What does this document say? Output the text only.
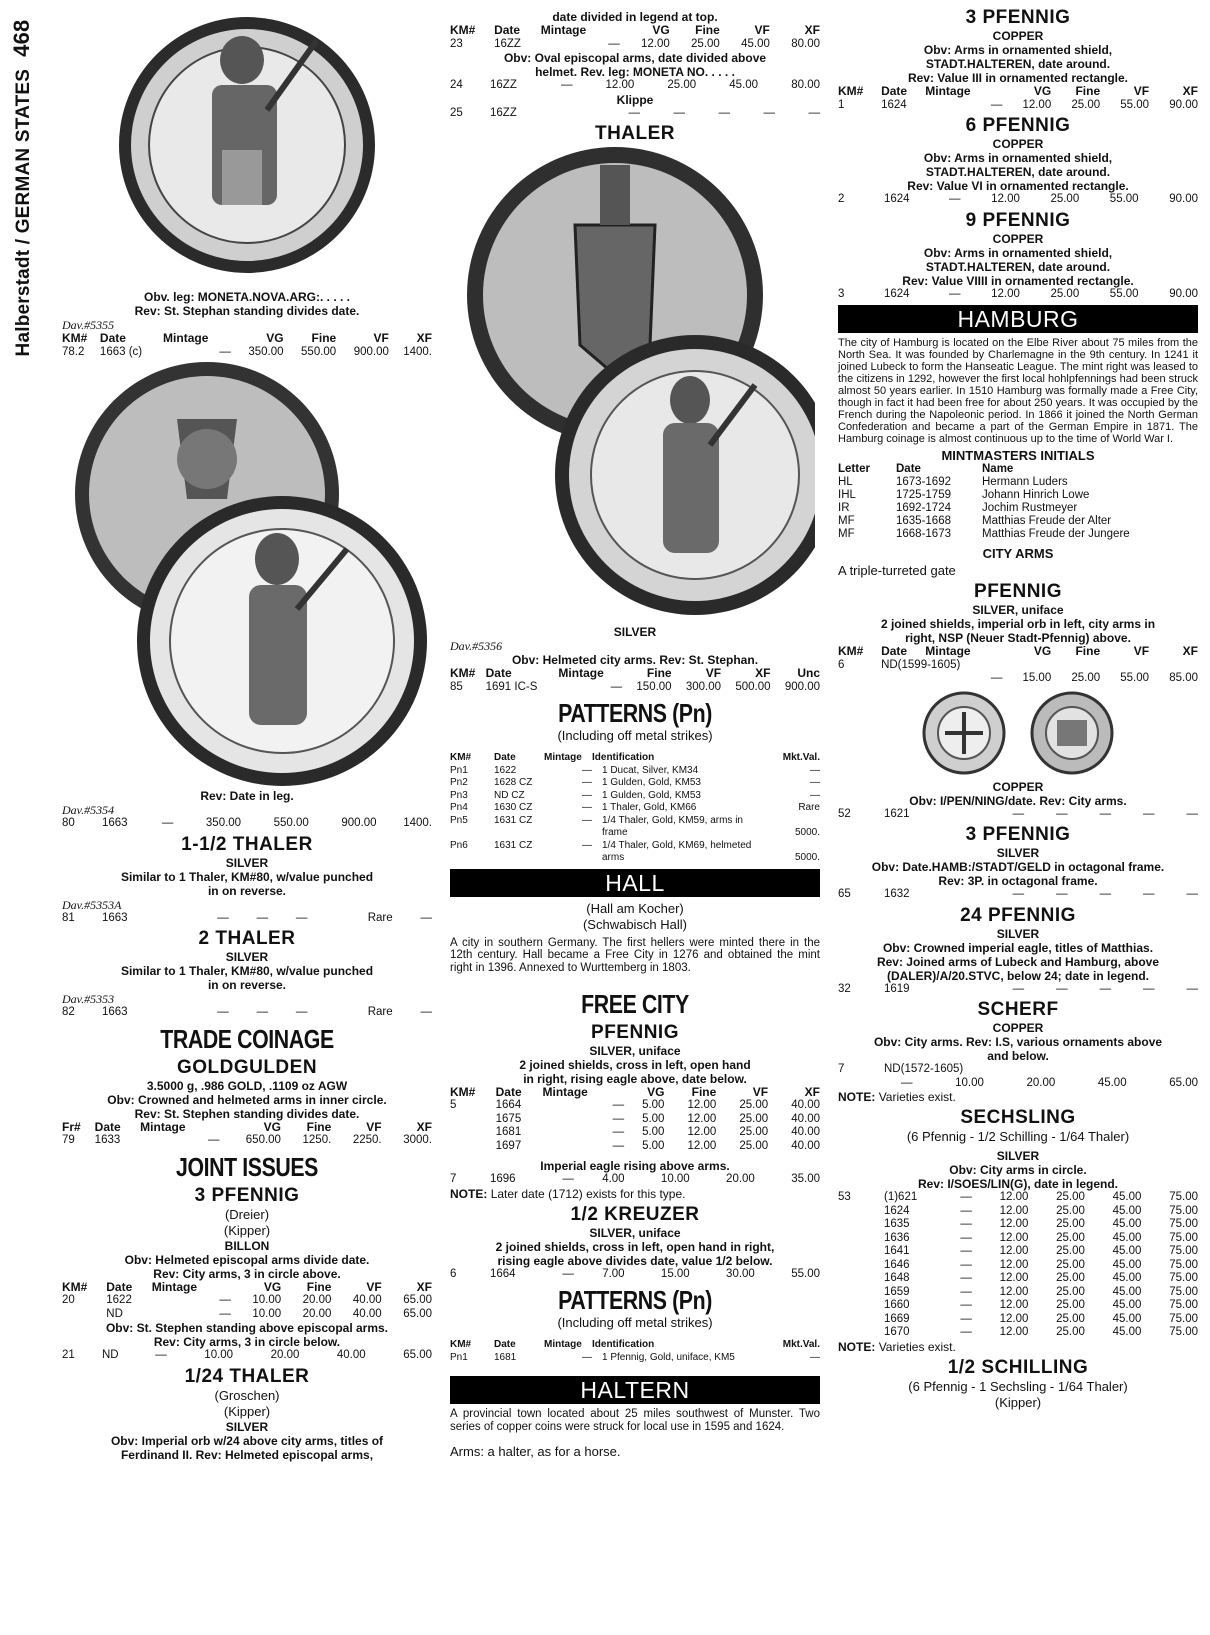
Halberstadt / GERMAN STATES468

Obv. leg: MONETA.NOVA.ARG:. . . . .

Rev: St. Stephan standing divides date.

Dav.#5355

KM#	Date	Mintage	VG	Fine	VF	XF
78.2	1663 (c)	—	350.00	550.00	900.00	1400.

Rev: Date in leg.

Dav.#5354

80	1663	—	350.00	550.00	900.00	1400.

1-1/2 THALER

SILVER

Similar to 1 Thaler, KM#80, w/value punched

in on reverse.

Dav.#5353A

81	1663	—	—	—	Rare	—

2 THALER

SILVER

Similar to 1 Thaler, KM#80, w/value punched

in on reverse.

Dav.#5353

82	1663	—	—	—	Rare	—

TRADE COINAGE

GOLDGULDEN

3.5000 g, .986 GOLD, .1109 oz AGW

Obv: Crowned and helmeted arms in inner circle.

Rev: St. Stephen standing divides date.

Fr#	Date	Mintage	VG	Fine	VF	XF
79	1633	—	650.00	1250.	2250.	3000.

JOINT ISSUES

3 PFENNIG

(Dreier)

(Kipper)

BILLON

Obv: Helmeted episcopal arms divide date.

Rev: City arms, 3 in circle above.

KM#	Date	Mintage	VG	Fine	VF	XF
20	1622	—	10.00	20.00	40.00	65.00
	ND	—	10.00	20.00	40.00	65.00

Obv: St. Stephen standing above episcopal arms.

Rev: City arms, 3 in circle below.

21	ND	—	10.00	20.00	40.00	65.00

1/24 THALER

(Groschen)

(Kipper)

SILVER

Obv: Imperial orb w/24 above city arms, titles of

Ferdinand II. Rev: Helmeted episcopal arms,

date divided in legend at top.

KM#	Date	Mintage	VG	Fine	VF	XF
23	16ZZ	—	12.00	25.00	45.00	80.00

Obv: Oval episcopal arms, date divided above

helmet. Rev. leg: MONETA NO. . . . .

24	16ZZ	—	12.00	25.00	45.00	80.00

Klippe

25	16ZZ	—	—	—	—	—

THALER

SILVER

Dav.#5356

Obv: Helmeted city arms. Rev: St. Stephan.

KM#	Date	Mintage	Fine	VF	XF	Unc
85	1691 IC-S	—	150.00	300.00	500.00	900.00

PATTERNS (Pn)

(Including off metal strikes)

KM#	Date	Mintage	Identification	Mkt.Val.
Pn1	1622	—	1 Ducat, Silver, KM34	—
Pn2	1628 CZ	—	1 Gulden, Gold, KM53	—
Pn3	ND CZ	—	1 Gulden, Gold, KM53	—
Pn4	1630 CZ	—	1 Thaler, Gold, KM66	Rare
Pn5	1631 CZ	—	1/4 Thaler, Gold, KM59, arms in frame	5000.
Pn6	1631 CZ	—	1/4 Thaler, Gold, KM69, helmeted arms	5000.
HALL

(Hall am Kocher)

(Schwabisch Hall)

A city in southern Germany. The first hellers were minted there in the 12th century. Hall became a Free City in 1276 and obtained the mint right in 1396. Annexed to Wurttemberg in 1803.

FREE CITY

PFENNIG

SILVER, uniface

2 joined shields, cross in left, open hand

in right, rising eagle above, date below.

KM#	Date	Mintage	VG	Fine	VF	XF
5	1664	—	5.00	12.00	25.00	40.00
	1675	—	5.00	12.00	25.00	40.00
	1681	—	5.00	12.00	25.00	40.00
	1697	—	5.00	12.00	25.00	40.00

Imperial eagle rising above arms.

7	1696	—	4.00	10.00	20.00	35.00

NOTE: Later date (1712) exists for this type.

1/2 KREUZER

SILVER, uniface

2 joined shields, cross in left, open hand in right,

rising eagle above divides date, value 1/2 below.

6	1664	—	7.00	15.00	30.00	55.00

PATTERNS (Pn)

(Including off metal strikes)

KM#	Date	Mintage	Identification	Mkt.Val.
Pn1	1681	—	1 Pfennig, Gold, uniface, KM5	—
HALTERN

A provincial town located about 25 miles southwest of Munster. Two series of copper coins were struck for local use in 1595 and 1624.

Arms: a halter, as for a horse.

3 PFENNIG

COPPER

Obv: Arms in ornamented shield,

STADT.HALTEREN, date around.

Rev: Value III in ornamented rectangle.

KM#	Date	Mintage	VG	Fine	VF	XF
1	1624	—	12.00	25.00	55.00	90.00

6 PFENNIG

COPPER

Obv: Arms in ornamented shield,

STADT.HALTEREN, date around.

Rev: Value VI in ornamented rectangle.

2	1624	—	12.00	25.00	55.00	90.00

9 PFENNIG

COPPER

Obv: Arms in ornamented shield,

STADT.HALTEREN, date around.

Rev: Value VIIII in ornamented rectangle.

3	1624	—	12.00	25.00	55.00	90.00
HAMBURG

The city of Hamburg is located on the Elbe River about 75 miles from the North Sea. It was founded by Charlemagne in the 9th century. In 1241 it joined Lubeck to form the Hanseatic League. The mint right was leased to the citizens in 1292, however the first local hohlpfennings had been struck almost 50 years earlier. In 1510 Hamburg was formally made a Free City, though in fact it had been free for about 250 years. It was occupied by the French during the Napoleonic period. In 1866 it joined the North German Confederation and became a part of the German Empire in 1871. The Hamburg coinage is almost continuous up to the time of World War I.

MINTMASTERS INITIALS

Letter	Date	Name
HL	1673-1692	Hermann Luders
IHL	1725-1759	Johann Hinrich Lowe
IR	1692-1724	Jochim Rustmeyer
MF	1635-1668	Matthias Freude der Alter
MF	1668-1673	Matthias Freude der Jungere

CITY ARMS

A triple-turreted gate

PFENNIG

SILVER, uniface

2 joined shields, imperial orb in left, city arms in

right, NSP (Neuer Stadt-Pfennig) above.

KM#	Date	Mintage	VG	Fine	VF	XF
6	ND(1599-1605)					
		—	15.00	25.00	55.00	85.00

COPPER

Obv: I/PEN/NING/date. Rev: City arms.

52	1621	—	—	—	—	—

3 PFENNIG

SILVER

Obv: Date.HAMB:/STADT/GELD in octagonal frame.

Rev: 3P. in octagonal frame.

65	1632	—	—	—	—	—

24 PFENNIG

SILVER

Obv: Crowned imperial eagle, titles of Matthias.

Rev: Joined arms of Lubeck and Hamburg, above

(DALER)/A/20.STVC, below 24; date in legend.

32	1619	—	—	—	—	—

SCHERF

COPPER

Obv: City arms. Rev: I.S, various ornaments above

and below.

7	ND(1572-1605)				
		—	10.00	20.00	45.00	65.00

NOTE: Varieties exist.

SECHSLING

(6 Pfennig - 1/2 Schilling - 1/64 Thaler)

SILVER

Obv: City arms in circle.

Rev: I/SOES/LIN(G), date in legend.

53	(1)621	—	12.00	25.00	45.00	75.00
	1624	—	12.00	25.00	45.00	75.00
	1635	—	12.00	25.00	45.00	75.00
	1636	—	12.00	25.00	45.00	75.00
	1641	—	12.00	25.00	45.00	75.00
	1646	—	12.00	25.00	45.00	75.00
	1648	—	12.00	25.00	45.00	75.00
	1659	—	12.00	25.00	45.00	75.00
	1660	—	12.00	25.00	45.00	75.00
	1669	—	12.00	25.00	45.00	75.00
	1670	—	12.00	25.00	45.00	75.00

NOTE: Varieties exist.

1/2 SCHILLING

(6 Pfennig - 1 Sechsling - 1/64 Thaler)

(Kipper)
